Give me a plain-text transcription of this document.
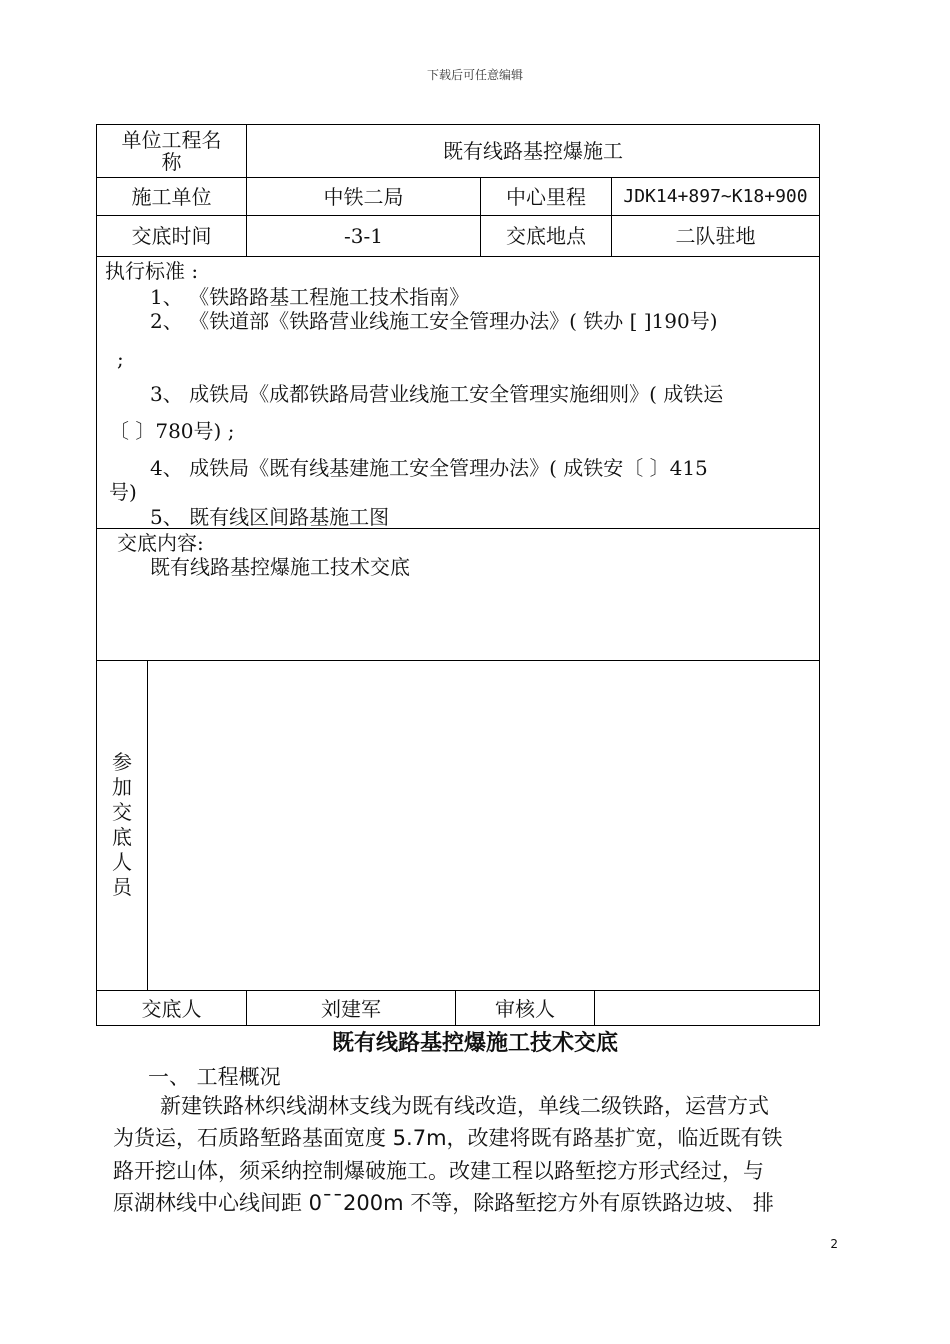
下载后可任意编辑
单位工程名
称	既有线路基控爆施工
施工单位	中铁二局	中心里程	JDK14+897~K18+900
交底时间	-3-1	交底地点	二队驻地
执行标准 :
1、 《铁路路基工程施工技术指南》
2、 《铁道部《铁路营业线施工安全管理办法》( 铁办 [ ]190号)
;
3、 成铁局《成都铁路局营业线施工安全管理实施细则》( 成铁运
〔 〕780号) ;
4、 成铁局《既有线基建施工安全管理办法》( 成铁安〔 〕415
号)
5、 既有线区间路基施工图
交底内容:
既有线路基控爆施工技术交底
参
加
交
底
人
员
交底人	刘建军	审核人
既有线路基控爆施工技术交底
一、 工程概况
新建铁路林织线湖林支线为既有线改造，单线二级铁路，运营方式
为货运，石质路堑路基面宽度 5.7m，改建将既有路基扩宽，临近既有铁
路开挖山体，须采纳控制爆破施工。改建工程以路堑挖方形式经过，与
原湖林线中心线间距 0¯¯200m 不等，除路堑挖方外有原铁路边坡、 排
2
